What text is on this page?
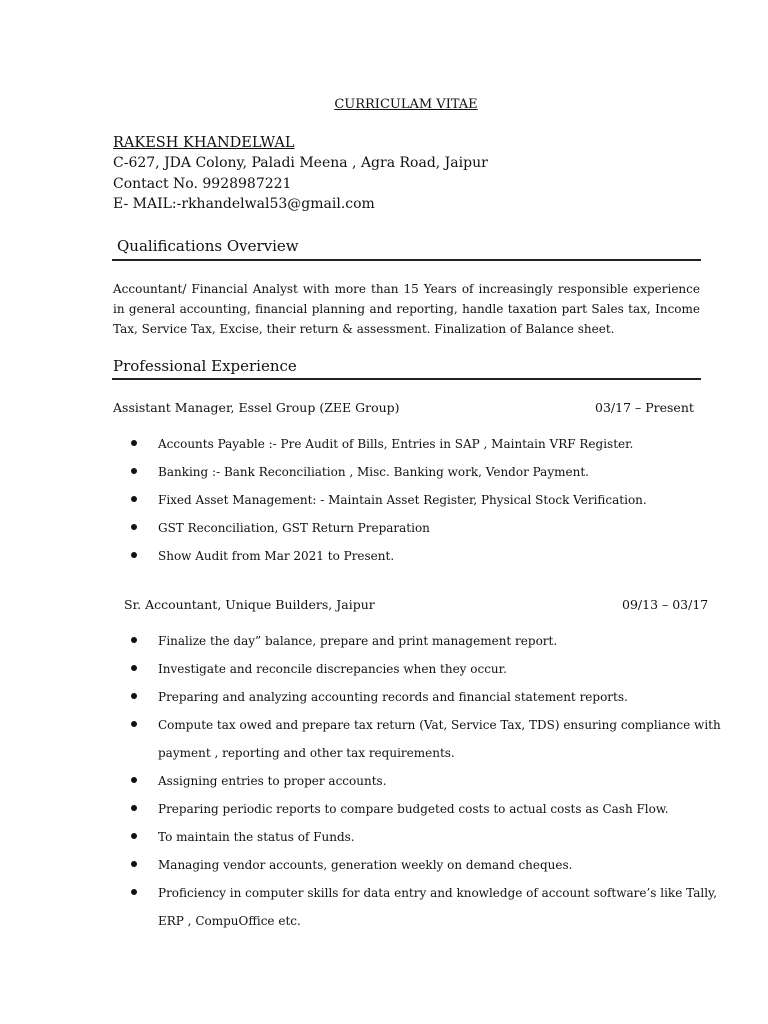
CURRICULAM VITAE
RAKESH KHANDELWAL
C-627, JDA Colony, Paladi Meena , Agra Road, Jaipur
Contact No. 9928987221
E- MAIL:-rkhandelwal53@gmail.com
Qualifications Overview
Accountant/ Financial Analyst with more than 15 Years of increasingly responsible experience in general accounting, financial planning and reporting, handle taxation part Sales tax, Income Tax, Service Tax, Excise, their return & assessment. Finalization of Balance sheet.
Professional Experience
Assistant Manager, Essel Group (ZEE Group)	03/17 – Present
Accounts Payable :- Pre Audit of Bills, Entries in SAP , Maintain VRF Register.
Banking :- Bank Reconciliation , Misc. Banking work, Vendor Payment.
Fixed Asset Management: - Maintain Asset Register, Physical Stock Verification.
GST Reconciliation, GST Return Preparation
Show Audit from Mar 2021 to Present.
Sr. Accountant, Unique Builders, Jaipur	09/13 – 03/17
Finalize the day” balance, prepare and print management report.
Investigate and reconcile discrepancies when they occur.
Preparing and analyzing accounting records and financial statement reports.
Compute tax owed and prepare tax return (Vat, Service Tax, TDS) ensuring compliance with
payment , reporting and other tax requirements.
Assigning entries to proper accounts.
Preparing periodic reports to compare budgeted costs to actual costs as Cash Flow.
To maintain the status of Funds.
Managing vendor accounts, generation weekly on demand cheques.
Proficiency in computer skills for data entry and knowledge of account software’s like Tally,
ERP , CompuOffice etc.
